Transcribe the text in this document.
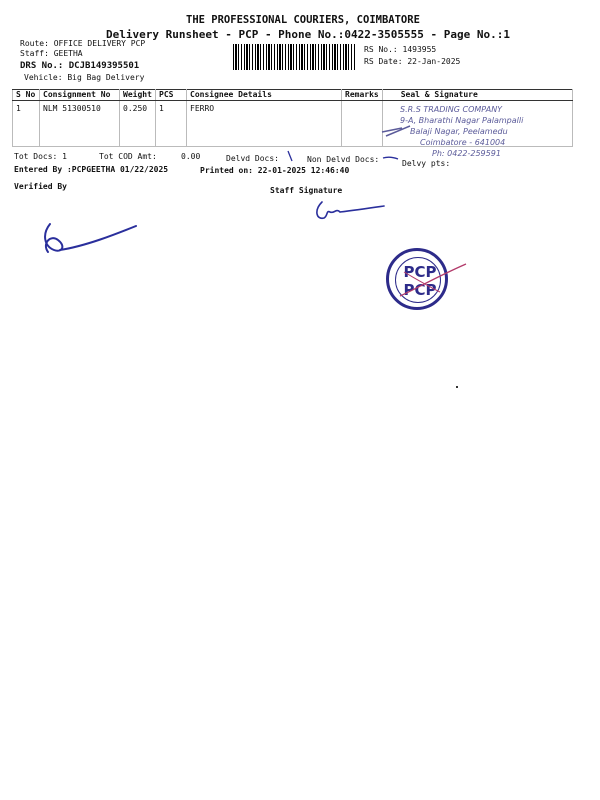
THE PROFESSIONAL COURIERS, COIMBATORE
Delivery Runsheet - PCP - Phone No.:0422-3505555 - Page No.:1
Route: OFFICE DELIVERY PCP
Staff: GEETHA
DRS No.: DCJB149395501
Vehicle: Big Bag Delivery
RS No.: 1493955
RS Date: 22-Jan-2025
S No	Consignment No	Weight	PCS	Consignee Details	Remarks	Seal & Signature
1	NLM 51300510	0.250	1	FERRO			S.R.S TRADING COMPANY
9-A, Bharathi Nagar Palampalli
Balaji Nagar, Peelamedu
Coimbatore - 641004
Ph: 0422-259591
Tot Docs: 1	Tot COD Amt:	0.00	Delvd Docs:	Non Delvd Docs:	Delvy pts:
Entered By :PCPGEETHA 01/22/2025	Printed on: 22-01-2025 12:46:40
Verified By	Staff Signature
PCP
PCP
